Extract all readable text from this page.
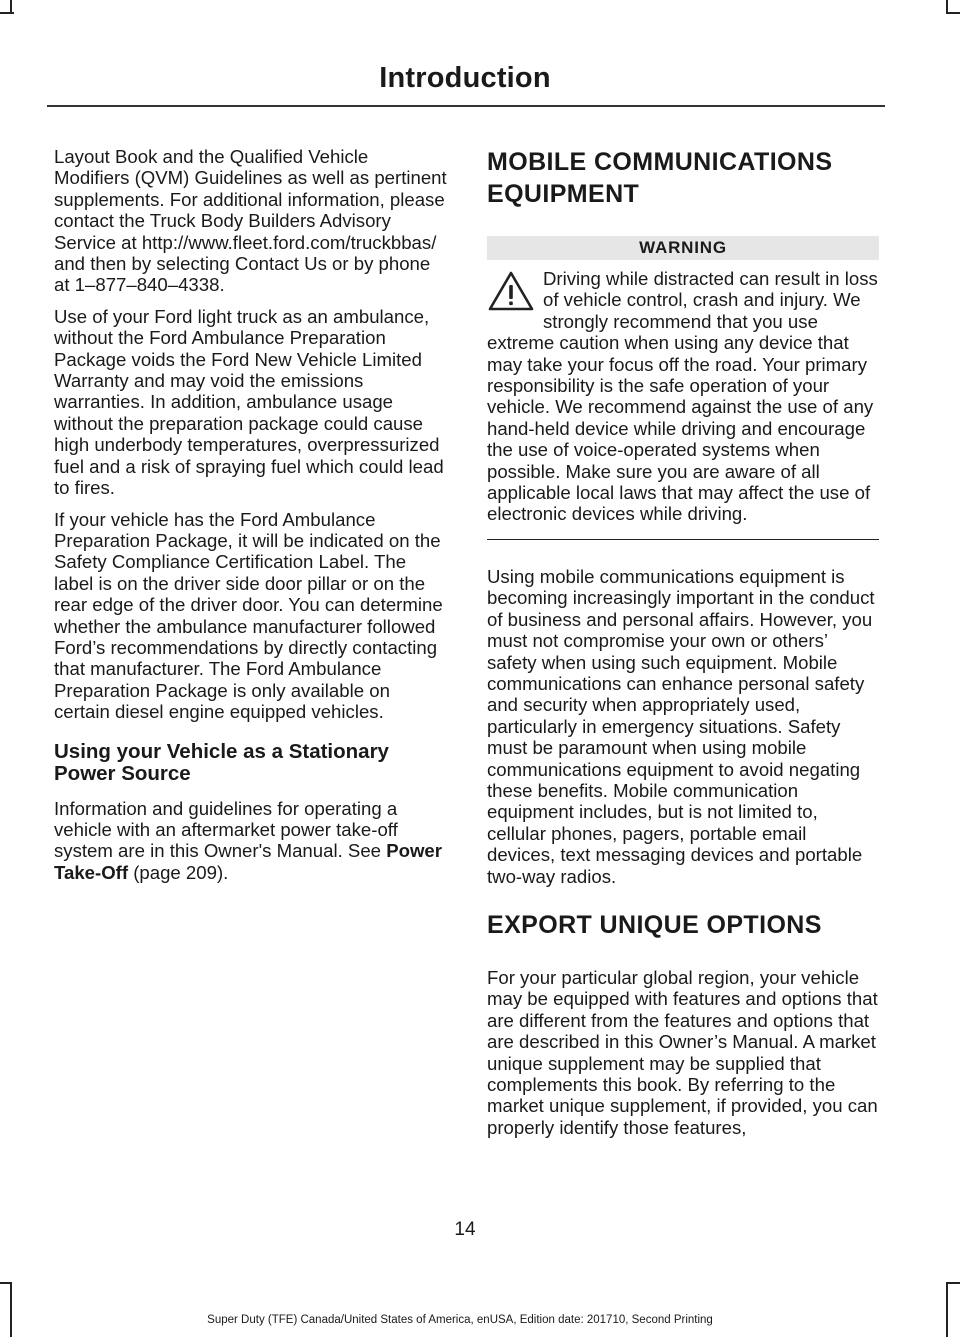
Introduction

Layout Book and the Qualified Vehicle Modifiers (QVM) Guidelines as well as pertinent supplements. For additional information, please contact the Truck Body Builders Advisory Service at http://www.fleet.ford.com/truckbbas/ and then by selecting Contact Us or by phone at 1–877–840–4338.

Use of your Ford light truck as an ambulance, without the Ford Ambulance Preparation Package voids the Ford New Vehicle Limited Warranty and may void the emissions warranties. In addition, ambulance usage without the preparation package could cause high underbody temperatures, overpressurized fuel and a risk of spraying fuel which could lead to fires.

If your vehicle has the Ford Ambulance Preparation Package, it will be indicated on the Safety Compliance Certification Label. The label is on the driver side door pillar or on the rear edge of the driver door. You can determine whether the ambulance manufacturer followed Ford’s recommendations by directly contacting that manufacturer. The Ford Ambulance Preparation Package is only available on certain diesel engine equipped vehicles.

Using your Vehicle as a Stationary Power Source

Information and guidelines for operating a vehicle with an aftermarket power take-off system are in this Owner's Manual. See Power Take-Off (page 209).

MOBILE COMMUNICATIONS EQUIPMENT
WARNING

Driving while distracted can result in loss of vehicle control, crash and injury. We strongly recommend that you use extreme caution when using any device that may take your focus off the road. Your primary responsibility is the safe operation of your vehicle. We recommend against the use of any hand-held device while driving and encourage the use of voice-operated systems when possible. Make sure you are aware of all applicable local laws that may affect the use of electronic devices while driving.

Using mobile communications equipment is becoming increasingly important in the conduct of business and personal affairs. However, you must not compromise your own or others’ safety when using such equipment. Mobile communications can enhance personal safety and security when appropriately used, particularly in emergency situations. Safety must be paramount when using mobile communications equipment to avoid negating these benefits. Mobile communication equipment includes, but is not limited to, cellular phones, pagers, portable email devices, text messaging devices and portable two-way radios.

EXPORT UNIQUE OPTIONS

For your particular global region, your vehicle may be equipped with features and options that are different from the features and options that are described in this Owner’s Manual. A market unique supplement may be supplied that complements this book. By referring to the market unique supplement, if provided, you can properly identify those features,

14
Super Duty (TFE) Canada/United States of America, enUSA, Edition date: 201710, Second Printing
